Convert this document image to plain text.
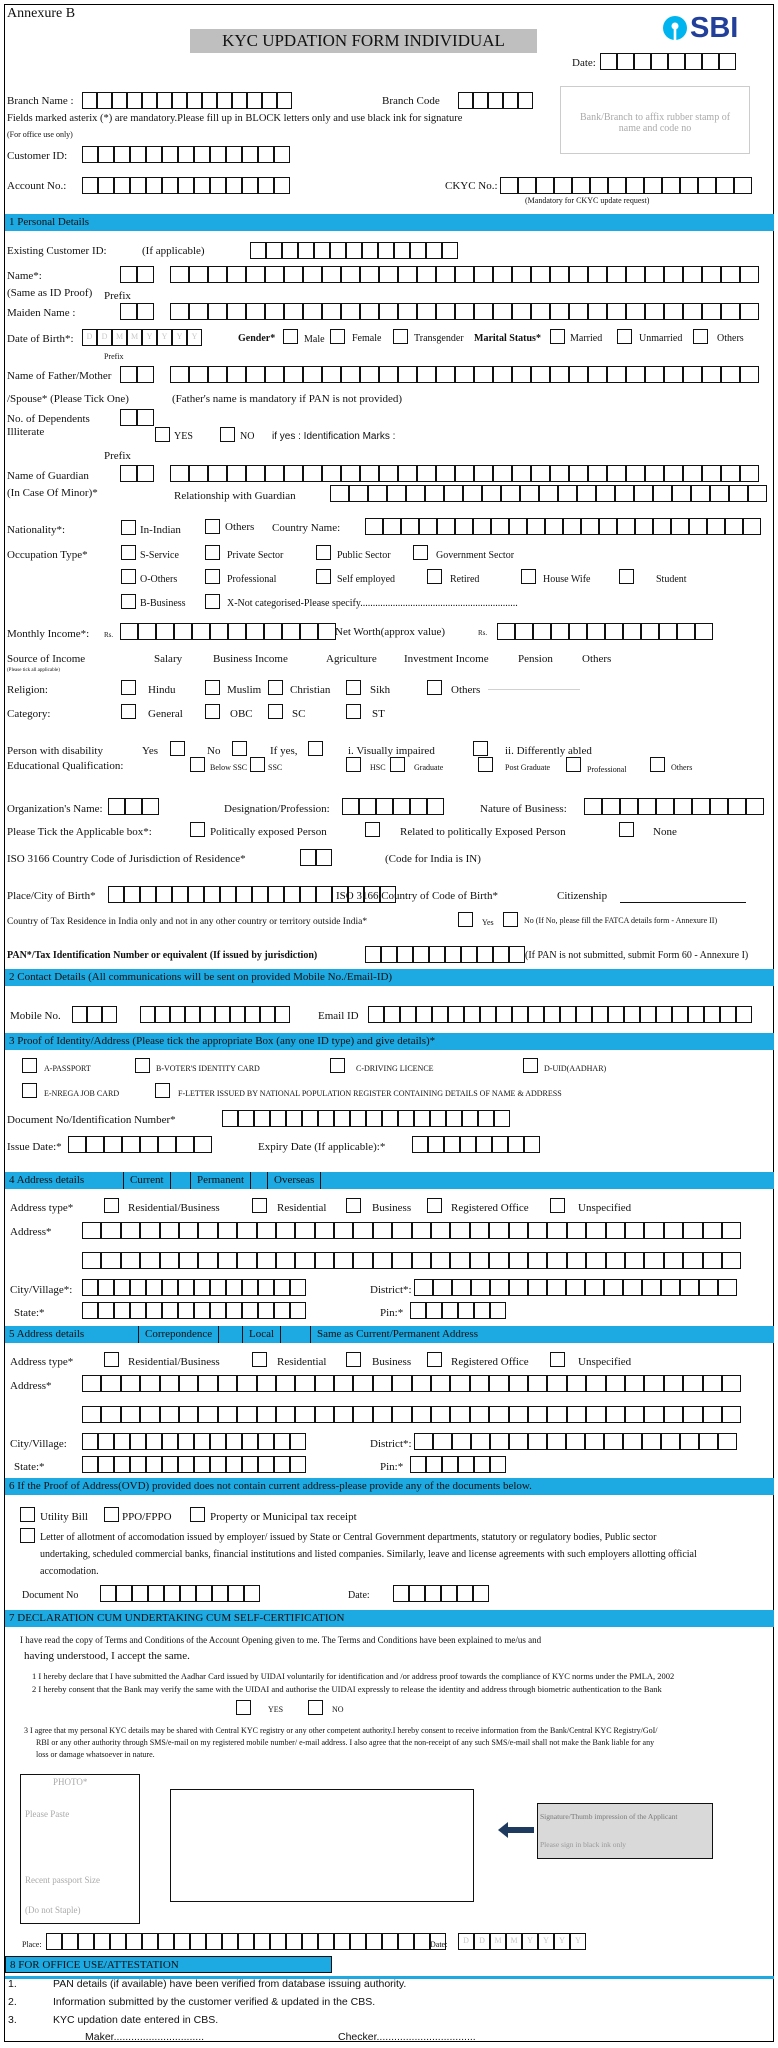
Annexure B
KYC UPDATION FORM INDIVIDUAL	SBI
Date:
Branch Name :	Branch Code
Bank/Branch to affix rubber stamp of name and code no
Fields marked asterix (*) are mandatory.Please fill up in BLOCK letters only and use black ink for signature
(For office use only)
Customer ID:
Account No.:	CKYC No.:
(Mandatory for CKYC update request)
1 Personal Details
Existing Customer ID:	(If applicable)
Name*:
(Same as ID Proof) Prefix
Maiden Name :
Date of Birth*:	D	D	M M	Y	Y	Y	Y	Gender*	Male	Female	Transgender Marital Status*	Married	Unmarried	Others
Prefix
Name of Father/Mother
/Spouse* (Please Tick One)	(Father's name is mandatory if PAN is not provided)
No. of Dependents
Illiterate	YES	NO if yes : Identification Marks :
Prefix
Name of Guardian
(In Case Of Minor)*	Relationship with Guardian
Nationality*:	In-Indian	Others Country Name:
Occupation Type*	S-Service	Private Sector	Public Sector	Government Sector
O-Others	Professional	Self employed	Retired	House Wife	Student
B-Business	X-Not categorised-Please specify...............................................................
Monthly Income*: Rs.	Net Worth(approx value)	Rs.
Source of Income
(Please tick all applicable)
Salary	Business Income	Agriculture Investment Income	Pension	Others
Religion:	Hindu	Muslim	Christian	Sikh	Others ..............................................
Category:	General	OBC	SC	ST
Person with disability	Yes	No	If yes,	i. Visually impaired	ii. Differently abled
Educational Qualification:	Below SSC	SSC	HSC	Graduate	Post Graduate	Professional	Others
Organization's Name:	Designation/Profession:	Nature of Business:
Please Tick the Applicable box*:	Politically exposed Person	Related to politically Exposed Person	None
ISO 3166 Country Code of Jurisdiction of Residence*	(Code for India is IN)
Place/City of Birth*	ISO 3166 Country of Code of Birth*	Citizenship
Country of Tax Residence in India only and not in any other country or territory outside India*	Yes	No (If No, please fill the FATCA details form - Annexure II)
PAN*/Tax Identification Number or equivalent (If issued by jurisdiction)	(If PAN is not submitted, submit Form 60 - Annexure I)
2 Contact Details (All communications will be sent on provided Mobile No./Email-ID)
Mobile No.	Email ID
3 Proof of Identity/Address (Please tick the appropriate Box (any one ID type) and give details)*
A-PASSPORT	B-VOTER'S IDENTITY CARD	C-DRIVING LICENCE	D-UID(AADHAR)
E-NREGA JOB CARD	F-LETTER ISSUED BY NATIONAL POPULATION REGISTER CONTAINING DETAILS OF NAME & ADDRESS
Document No/Identification Number*
Issue Date:*	Expiry Date (If applicable):*
4 Address details	Current	Permanent	Overseas
Address type*	Residential/Business	Residential	Business	Registered Office	Unspecified
Address*
City/Village*:	District*:
State:*	Pin:*
5 Address details	Correpondence	Local	Same as Current/Permanent Address
Address type*	Residential/Business	Residential	Business	Registered Office	Unspecified
Address*
City/Village:	District*:
State:*	Pin:*
6 If the Proof of Address(OVD) provided does not contain current address-please provide any of the documents below.
Utility Bill	PPO/FPPO	Property or Municipal tax receipt
Letter of allotment of accomodation issued by employer/ issued by State or Central Government departments, statutory or regulatory bodies, Public sector
undertaking, scheduled commercial banks, financial institutions and listed companies. Similarly, leave and license agreements with such employers allotting official
accomodation.
Document No	Date:
7 DECLARATION CUM UNDERTAKING CUM SELF-CERTIFICATION
I have read the copy of Terms and Conditions of the Account Opening given to me. The Terms and Conditions have been explained to me/us and
having understood, I accept the same.
1 I hereby declare that I have submitted the Aadhar Card issued by UIDAI voluntarily for identification and /or address proof towards the compliance of KYC norms under the PMLA, 2002
2 I hereby consent that the Bank may verify the same with the UIDAI and authorise the UIDAI expressly to release the identity and address through biometric authentication to the Bank
YES	NO
3 I agree that my personal KYC details may be shared with Central KYC registry or any other competent authority.I hereby consent to receive information from the Bank/Central KYC Registry/GoI/
RBI or any other authority through SMS/e-mail on my registered mobile number/ e-mail address. I also agree that the non-receipt of any such SMS/e-mail shall not make the Bank liable for any
loss or damage whatsoever in nature.
PHOTO*
Please Paste
Recent passport Size
(Do not Staple)
Signature/Thumb impression of the Applicant
Please sign in black ink only
Place:	Date:	D	D	M	M	Y	Y	Y	Y
8 FOR OFFICE USE/ATTESTATION
1.	PAN details (if available) have been verified from database issuing authority.
2.	Information submitted by the customer verified & updated in the CBS.
3.	KYC updation date entered in CBS.
Maker...............................	Checker..................................
